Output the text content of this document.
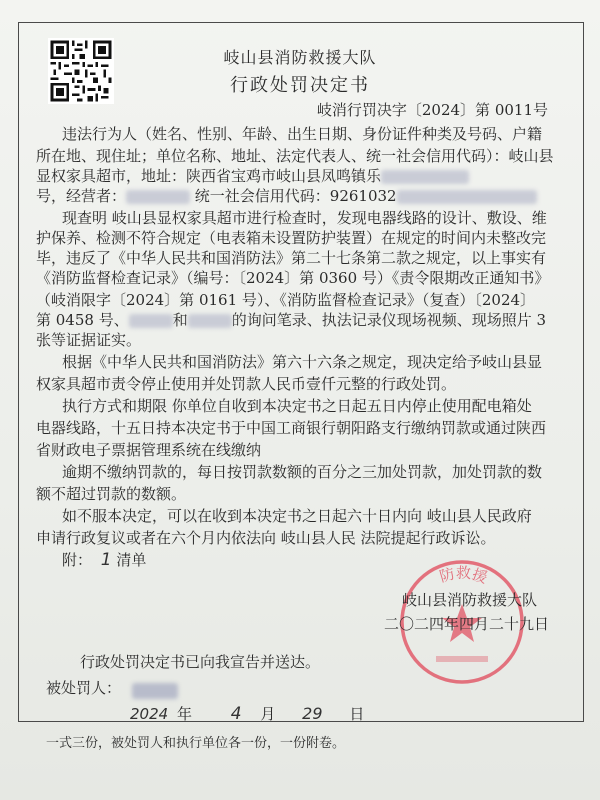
岐山县消防救援大队
行政处罚决定书
岐消行罚决字〔2024〕第 0011号
违法行为人（姓名、性别、年龄、出生日期、身份证件种类及号码、户籍
所在地、现住址；单位名称、地址、法定代表人、统一社会信用代码）：岐山县
显权家具超市，地址：陕西省宝鸡市岐山县凤鸣镇乐
号，经营者：	统一社会信用代码：9261032
现查明 岐山县显权家具超市进行检查时，发现电器线路的设计、敷设、维
护保养、检测不符合规定（电表箱未设置防护装置）在规定的时间内未整改完
毕，违反了《中华人民共和国消防法》第二十七条第二款之规定，以上事实有
《消防监督检查记录》（编号：〔2024〕第 0360 号）《责令限期改正通知书》
（岐消限字〔2024〕第 0161 号）、《消防监督检查记录》（复查）〔2024〕
第 0458 号、	和	的询问笔录、执法记录仪现场视频、现场照片 3
张等证据证实。
根据《中华人民共和国消防法》第六十六条之规定，现决定给予岐山县显
权家具超市责令停止使用并处罚款人民币壹仟元整的行政处罚。
执行方式和期限 你单位自收到本决定书之日起五日内停止使用配电箱处
电器线路，十五日持本决定书于中国工商银行朝阳路支行缴纳罚款或通过陕西
省财政电子票据管理系统在线缴纳
逾期不缴纳罚款的，每日按罚款数额的百分之三加处罚款，加处罚款的数
额不超过罚款的数额。
如不服本决定，可以在收到本决定书之日起六十日内向 岐山县人民政府
申请行政复议或者在六个月内依法向 岐山县人民 法院提起行政诉讼。
附： 1 清单
防救援
岐山县消防救援大队
二〇二四年四月二十九日
行政处罚决定书已向我宣告并送达。
被处罚人：
2024 年 4 月 29 日
一式三份，被处罚人和执行单位各一份，一份附卷。
